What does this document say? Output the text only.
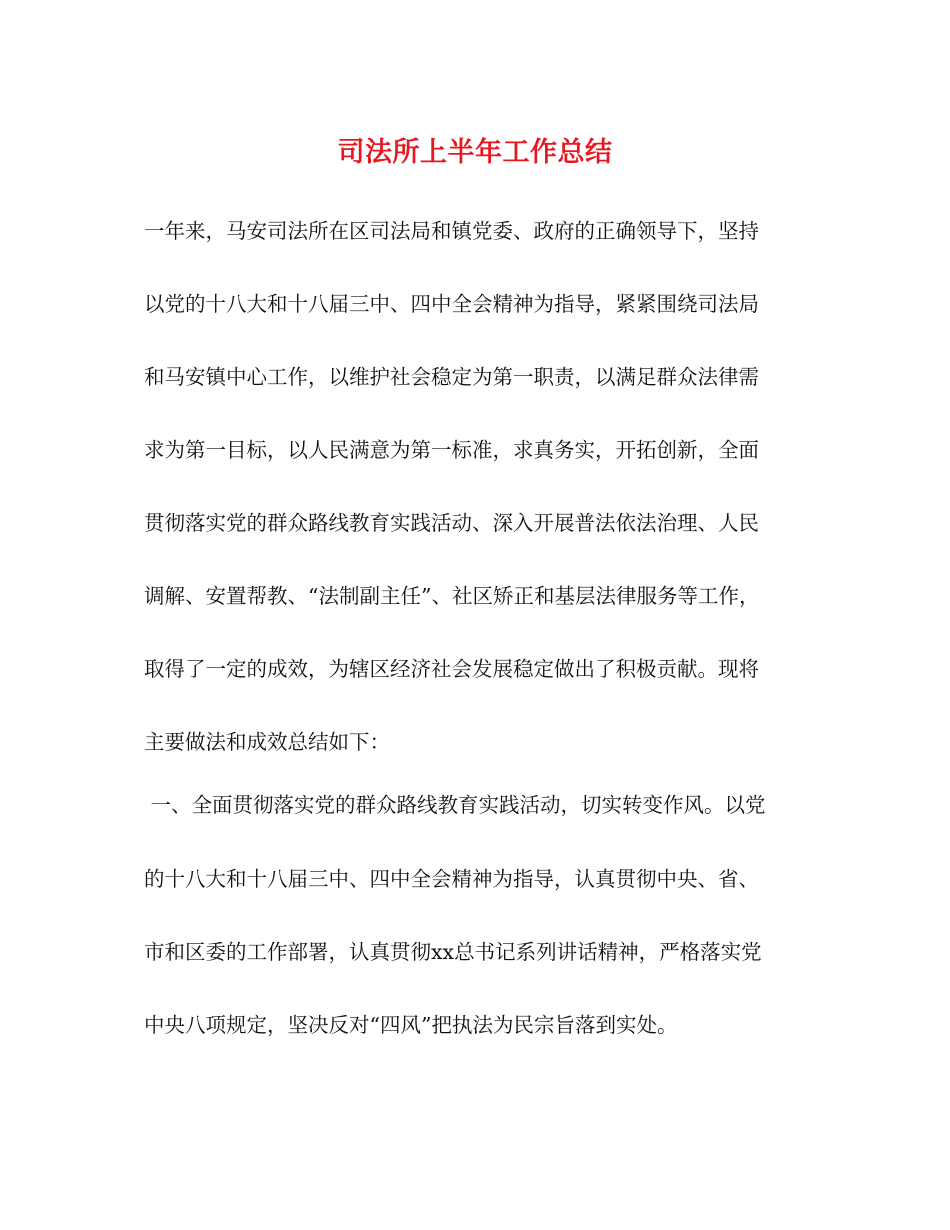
司法所上半年工作总结
一年来，马安司法所在区司法局和镇党委、政府的正确领导下，坚持
以党的十八大和十八届三中、四中全会精神为指导，紧紧围绕司法局
和马安镇中心工作，以维护社会稳定为第一职责，以满足群众法律需
求为第一目标，以人民满意为第一标准，求真务实，开拓创新，全面
贯彻落实党的群众路线教育实践活动、深入开展普法依法治理、人民
调解、安置帮教、“法制副主任”、社区矫正和基层法律服务等工作，
取得了一定的成效，为辖区经济社会发展稳定做出了积极贡献。现将
主要做法和成效总结如下：
一、全面贯彻落实党的群众路线教育实践活动，切实转变作风。以党
的十八大和十八届三中、四中全会精神为指导，认真贯彻中央、省、
市和区委的工作部署，认真贯彻xx总书记系列讲话精神，严格落实党
中央八项规定，坚决反对“四风”把执法为民宗旨落到实处。
